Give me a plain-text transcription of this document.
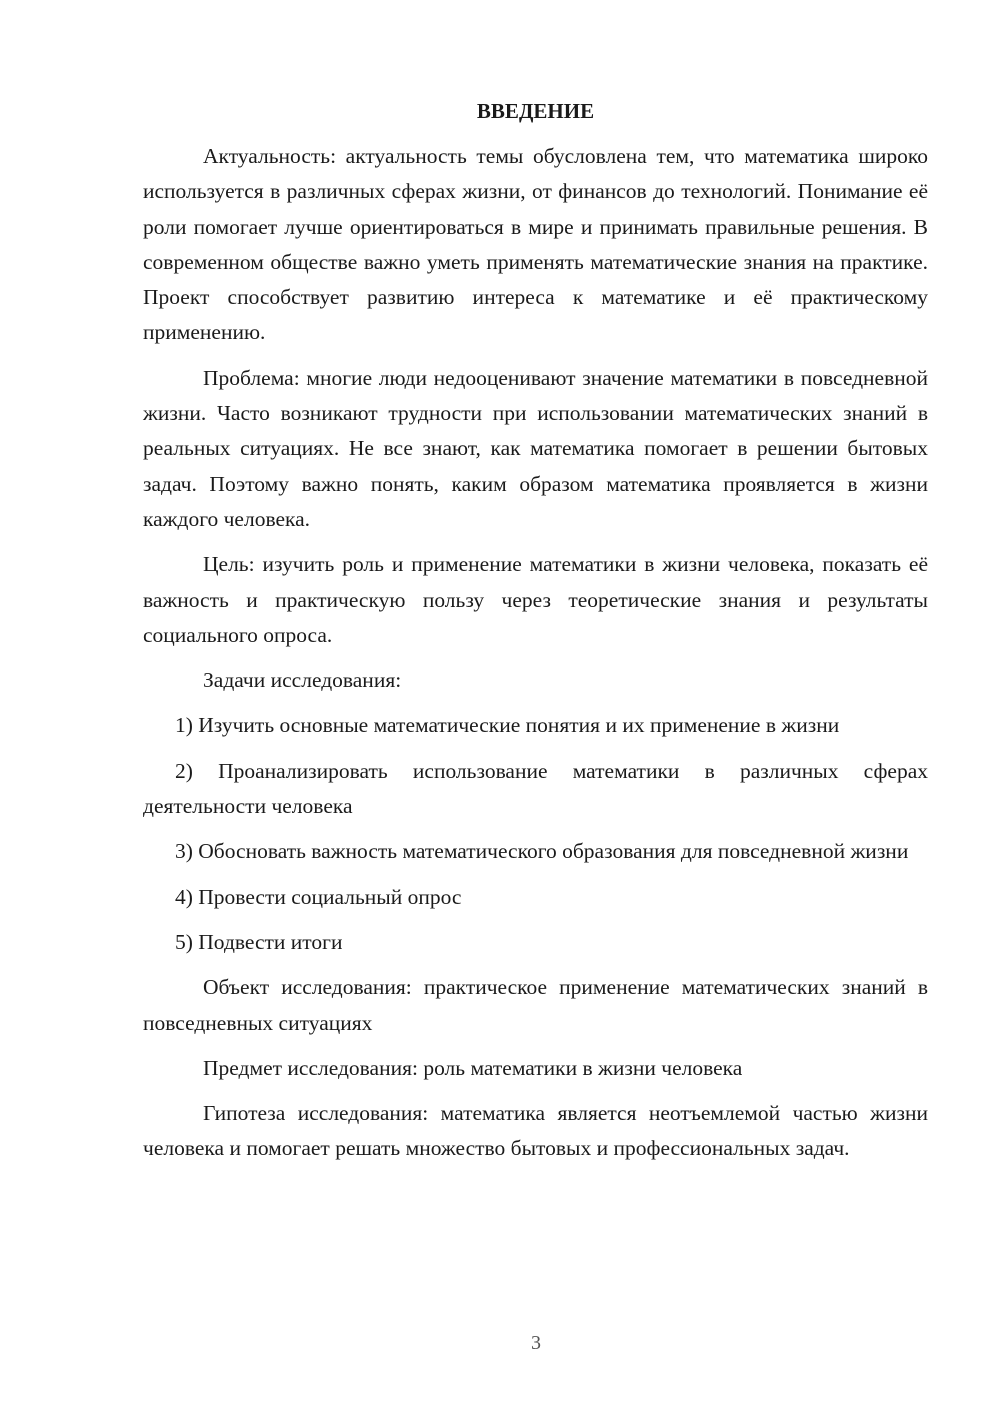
ВВЕДЕНИЕ

Актуальность: актуальность темы обусловлена тем, что математика широко используется в различных сферах жизни, от финансов до технологий. Понимание её роли помогает лучше ориентироваться в мире и принимать правильные решения. В современном обществе важно уметь применять математические знания на практике. Проект способствует развитию интереса к математике и её практическому применению.

Проблема: многие люди недооценивают значение математики в повседневной жизни. Часто возникают трудности при использовании математических знаний в реальных ситуациях. Не все знают, как математика помогает в решении бытовых задач. Поэтому важно понять, каким образом математика проявляется в жизни каждого человека.

Цель: изучить роль и применение математики в жизни человека, показать её важность и практическую пользу через теоретические знания и результаты социального опроса.

Задачи исследования:

1) Изучить основные математические понятия и их применение в жизни

2) Проанализировать использование математики в различных сферах деятельности человека

3) Обосновать важность математического образования для повседневной жизни

4) Провести социальный опрос

5) Подвести итоги

Объект исследования: практическое применение математических знаний в повседневных ситуациях

Предмет исследования: роль математики в жизни человека

Гипотеза исследования: математика является неотъемлемой частью жизни человека и помогает решать множество бытовых и профессиональных задач.

3
